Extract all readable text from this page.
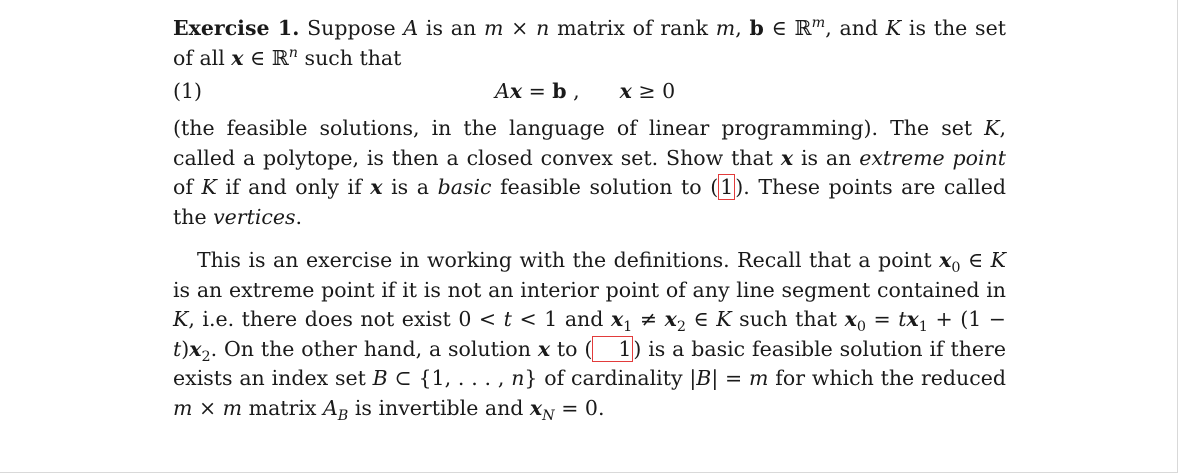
Exercise 1. Suppose A is an m × n matrix of rank m, b ∈ ℝ$^m$, and K is the set of all x ∈ ℝ$^n$ such that

(1)	Ax = b , x ≥ 0

(the feasible solutions, in the language of linear programming). The set K, called a polytope, is then a closed convex set. Show that x is an extreme point of K if and only if x is a basic feasible solution to (1). These points are called the vertices.

This is an exercise in working with the definitions. Recall that a point $x_0$ ∈ K is an extreme point if it is not an interior point of any line segment contained in K, i.e. there does not exist 0 < t < 1 and $x_1 \ne x_2$ ∈ K such that $x_0 = tx_1 + (1 - t)x_2$. On the other hand, a solution x to ( 1) is a basic feasible solution if there exists an index set B ⊂ {1, . . . , n} of cardinality |B| = m for which the reduced m × m matrix $A_B$ is invertible and $x_N = 0$.
